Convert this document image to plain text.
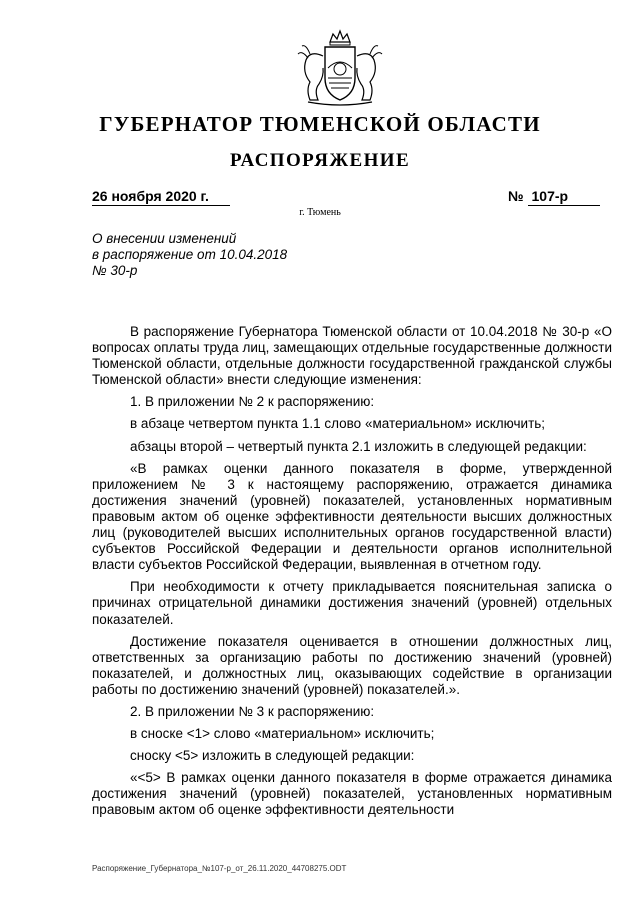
ГУБЕРНАТОР ТЮМЕНСКОЙ ОБЛАСТИ
РАСПОРЯЖЕНИЕ
26 ноября 2020 г.	№ 107-р
г. Тюмень
О внесении изменений
в распоряжение от 10.04.2018
№ 30-р

В распоряжение Губернатора Тюменской области от 10.04.2018 № 30-р «О вопросах оплаты труда лиц, замещающих отдельные государственные должности Тюменской области, отдельные должности государственной гражданской службы Тюменской области» внести следующие изменения:

1. В приложении № 2 к распоряжению:

в абзаце четвертом пункта 1.1 слово «материальном» исключить;

абзацы второй – четвертый пункта 2.1 изложить в следующей редакции:

«В рамках оценки данного показателя в форме, утвержденной приложением № 3 к настоящему распоряжению, отражается динамика достижения значений (уровней) показателей, установленных нормативным правовым актом об оценке эффективности деятельности высших должностных лиц (руководителей высших исполнительных органов государственной власти) субъектов Российской Федерации и деятельности органов исполнительной власти субъектов Российской Федерации, выявленная в отчетном году.

При необходимости к отчету прикладывается пояснительная записка о причинах отрицательной динамики достижения значений (уровней) отдельных показателей.

Достижение показателя оценивается в отношении должностных лиц, ответственных за организацию работы по достижению значений (уровней) показателей, и должностных лиц, оказывающих содействие в организации работы по достижению значений (уровней) показателей.».

2. В приложении № 3 к распоряжению:

в сноске <1> слово «материальном» исключить;

сноску <5> изложить в следующей редакции:

«<5> В рамках оценки данного показателя в форме отражается динамика достижения значений (уровней) показателей, установленных нормативным правовым актом об оценке эффективности деятельности

Распоряжение_Губернатора_№107-р_от_26.11.2020_44708275.ODT
